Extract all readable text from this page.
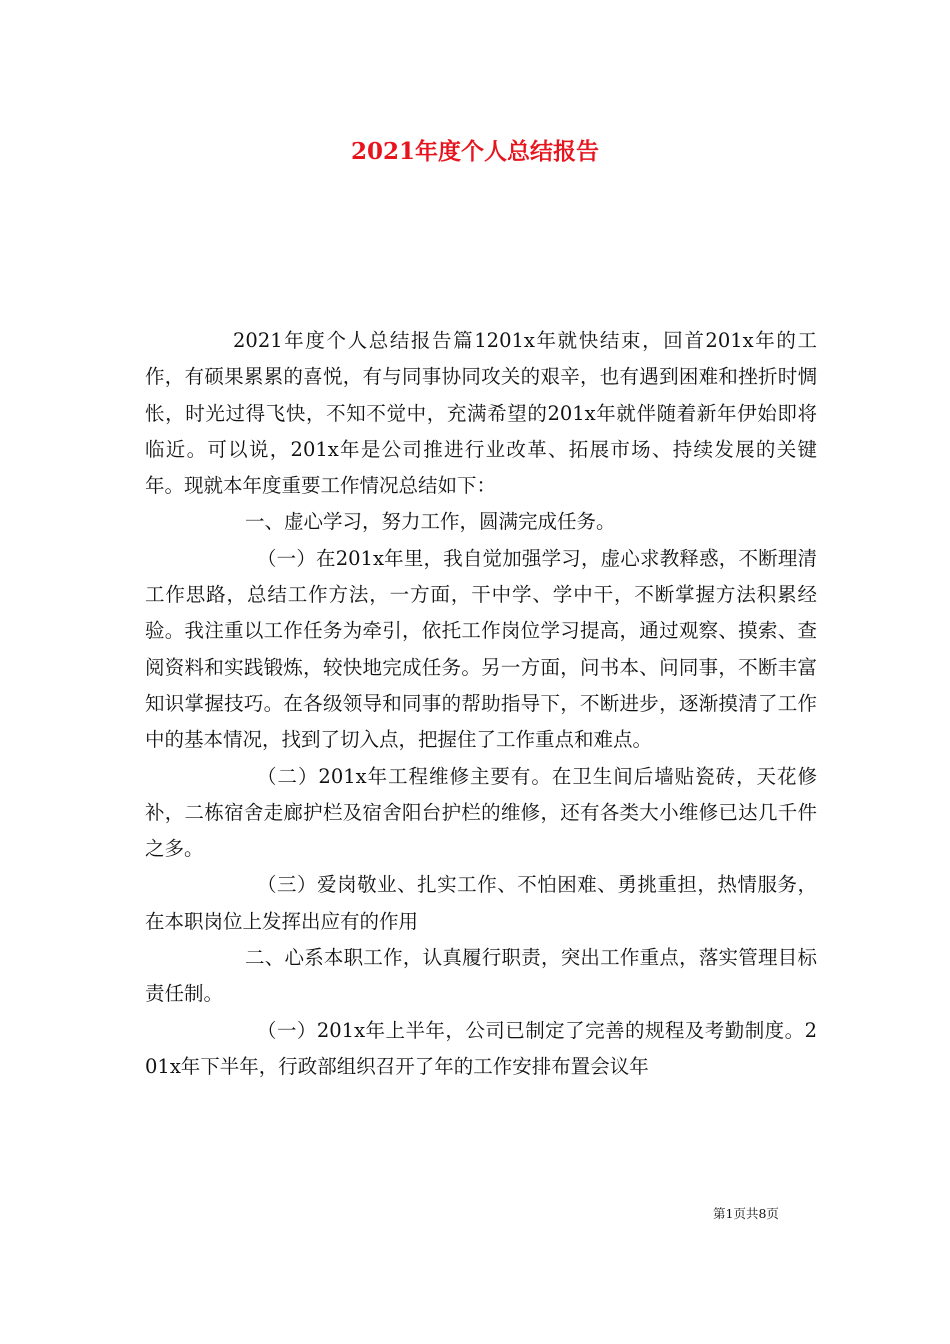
2021年度个人总结报告

2021年度个人总结报告篇1201x年就快结束，回首201x年的工作，有硕果累累的喜悦，有与同事协同攻关的艰辛，也有遇到困难和挫折时惆怅，时光过得飞快，不知不觉中，充满希望的201x年就伴随着新年伊始即将临近。可以说，201x年是公司推进行业改革、拓展市场、持续发展的关键年。现就本年度重要工作情况总结如下：

一、虚心学习，努力工作，圆满完成任务。

（一）在201x年里，我自觉加强学习，虚心求教释惑，不断理清工作思路，总结工作方法，一方面，干中学、学中干，不断掌握方法积累经验。我注重以工作任务为牵引，依托工作岗位学习提高，通过观察、摸索、查阅资料和实践锻炼，较快地完成任务。另一方面，问书本、问同事，不断丰富知识掌握技巧。在各级领导和同事的帮助指导下，不断进步，逐渐摸清了工作中的基本情况，找到了切入点，把握住了工作重点和难点。

（二）201x年工程维修主要有。在卫生间后墙贴瓷砖，天花修补，二栋宿舍走廊护栏及宿舍阳台护栏的维修，还有各类大小维修已达几千件之多。

（三）爱岗敬业、扎实工作、不怕困难、勇挑重担，热情服务，在本职岗位上发挥出应有的作用

二、心系本职工作，认真履行职责，突出工作重点，落实管理目标责任制。

（一）201x年上半年，公司已制定了完善的规程及考勤制度。201x年下半年，行政部组织召开了年的工作安排布置会议年

第1页共8页
